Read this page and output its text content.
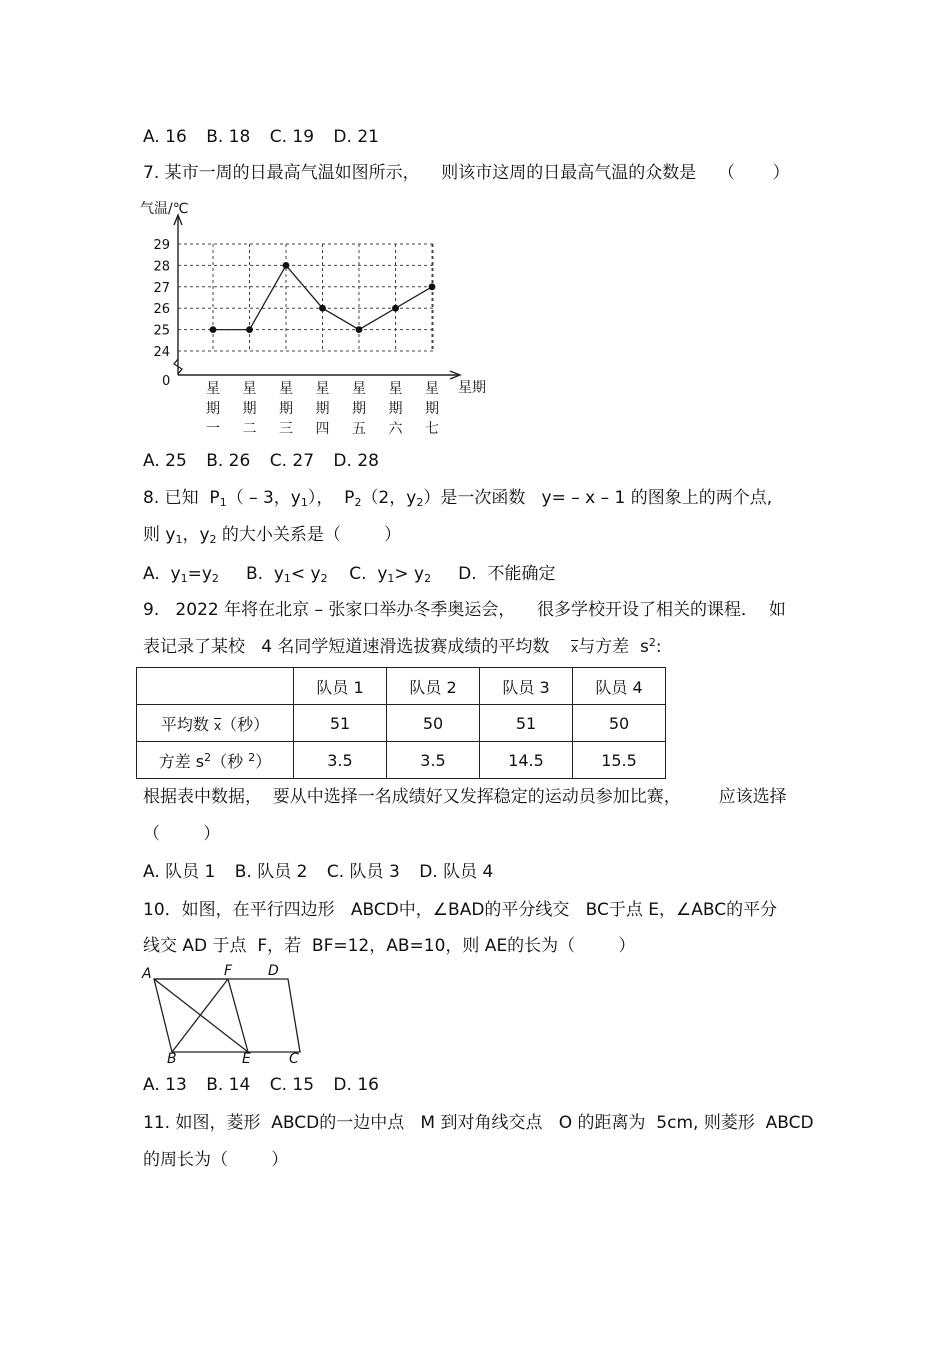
A. 16 B. 18 C. 19 D. 21
7. 某市一周的日最高气温如图所示，    则该市这周的日最高气温的众数是    （       ）
气温/℃
星期
0
24
25
26
27
28
29
星
期
一
星
期
二
星
期
三
星
期
四
星
期
五
星
期
六
星
期
七
A. 25 B. 26 C. 27 D. 28
8. 已知  $P_1( - 3$，$y_1$），  $P_2(2$，$y_2$）是一次函数   y= – x – 1 的图象上的两个点,
则 $y_1$，$y_2$ 的大小关系是（        ）
A.  $y_1=y_2$ B.  $y_1< y_2$ C.  $y_1> y_2$ D.  不能确定
9.   2022 年将在北京 – 张家口举办冬季奥运会，    很多学校开设了相关的课程．  如
表记录了某校   4 名同学短道速滑选拔赛成绩的平均数    $\overline{x}$与方差  $s^2$:
	队员 1	队员 2	队员 3	队员 4
平均数 $\overline{x}$（秒）	51	50	51	50
方差 $s^2$（秒 $^2$）	3.5	3.5	14.5	15.5
根据表中数据，  要从中选择一名成绩好又发挥稳定的运动员参加比赛，       应该选择
（        ）
A. 队员 1 B. 队员 2 C. 队员 3 D. 队员 4
10．如图，在平行四边形   ABCD中，∠BAD的平分线交   BC于点 E，∠ABC的平分
线交 AD 于点  F，若  BF=12，AB=10，则 AE的长为（        ）
A	F	D
B	E	C
A. 13 B. 14 C. 15 D. 16
11. 如图，菱形  ABCD的一边中点   M 到对角线交点   O 的距离为  5cm, 则菱形  ABCD
的周长为（        ）
